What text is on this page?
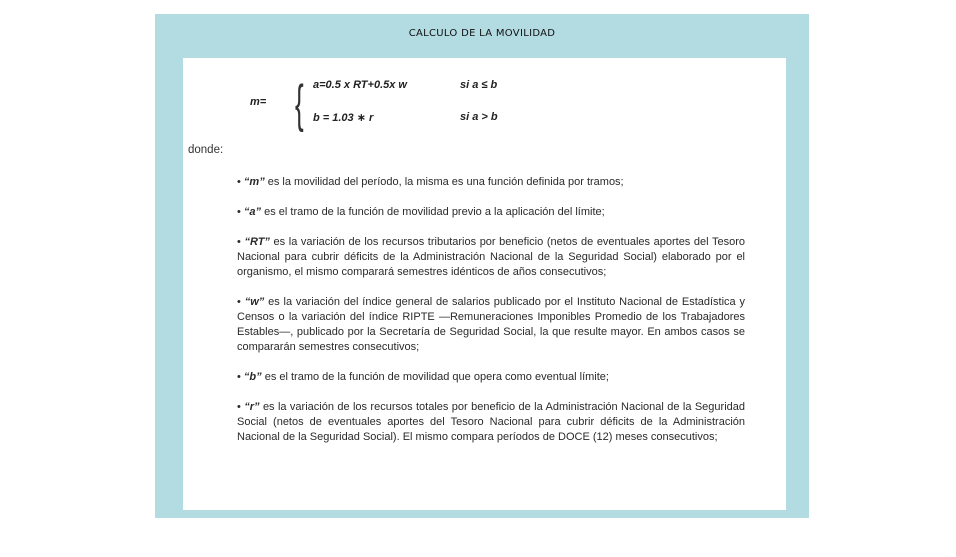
CALCULO DE LA MOVILIDAD
m= { a=0.5 x RT+0.5x w	si a ≤ b
b = 1.03 ∗ r	si a > b
donde:
• “m” es la movilidad del período, la misma es una función definida por tramos;
• “a” es el tramo de la función de movilidad previo a la aplicación del límite;
• “RT” es la variación de los recursos tributarios por beneficio (netos de eventuales aportes del Tesoro Nacional para cubrir déficits de la Administración Nacional de la Seguridad Social) elaborado por el organismo, el mismo comparará semestres idénticos de años consecutivos;
• “w” es la variación del índice general de salarios publicado por el Instituto Nacional de Estadística y Censos o la variación del índice RIPTE —Remuneraciones Imponibles Promedio de los Trabajadores Estables—, publicado por la Secretaría de Seguridad Social, la que resulte mayor. En ambos casos se compararán semestres consecutivos;
• “b” es el tramo de la función de movilidad que opera como eventual límite;
• “r” es la variación de los recursos totales por beneficio de la Administración Nacional de la Seguridad Social (netos de eventuales aportes del Tesoro Nacional para cubrir déficits de la Administración Nacional de la Seguridad Social). El mismo compara períodos de DOCE (12) meses consecutivos;
